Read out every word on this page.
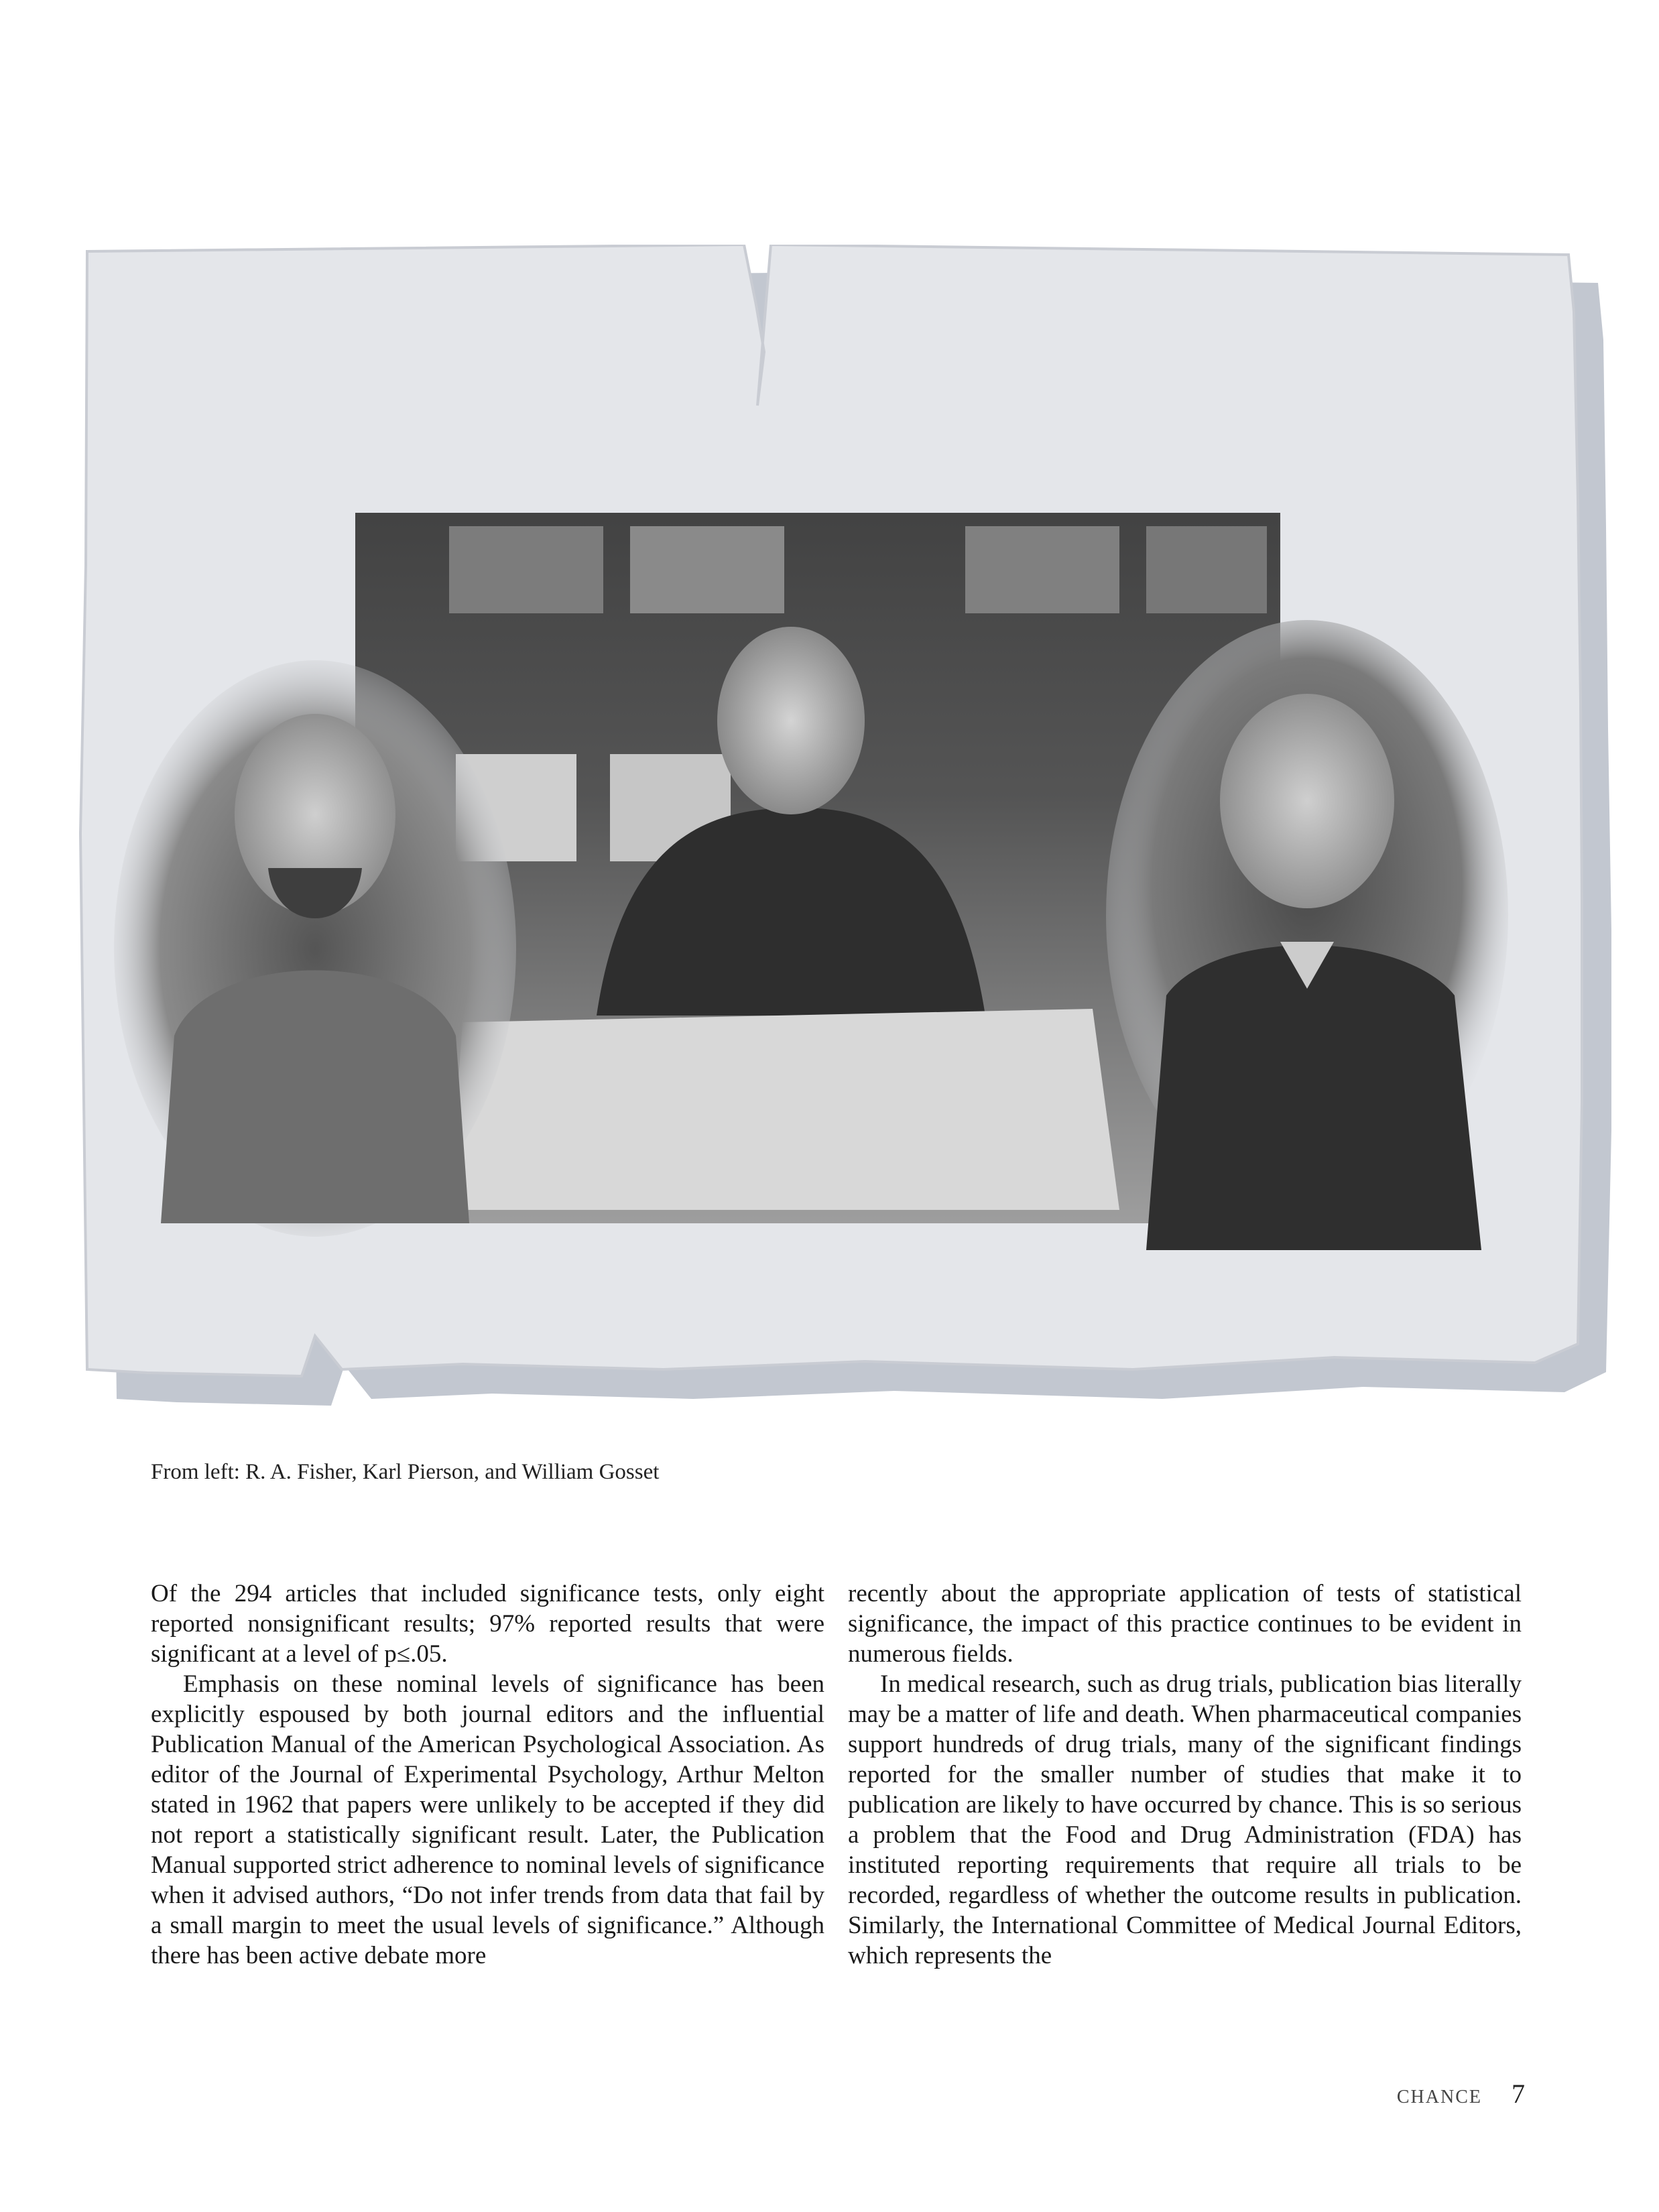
From left: R. A. Fisher, Karl Pierson, and William Gosset

Of the 294 articles that included significance tests, only eight reported nonsignificant results; 97% reported results that were significant at a level of p≤.05.

Emphasis on these nominal levels of significance has been explicitly espoused by both journal editors and the influential Publication Manual of the American Psychological Association. As editor of the Journal of Experimental Psychology, Arthur Melton stated in 1962 that papers were unlikely to be accepted if they did not report a statistically significant result. Later, the Publication Manual supported strict adherence to nominal levels of significance when it advised authors, “Do not infer trends from data that fail by a small margin to meet the usual levels of significance.” Although there has been active debate more

recently about the appropriate application of tests of statistical significance, the impact of this practice continues to be evident in numerous fields.

In medical research, such as drug trials, publication bias literally may be a matter of life and death. When pharmaceutical companies support hundreds of drug trials, many of the significant findings reported for the smaller number of studies that make it to publication are likely to have occurred by chance. This is so serious a problem that the Food and Drug Administration (FDA) has instituted reporting requirements that require all trials to be recorded, regardless of whether the outcome results in publication. Similarly, the International Committee of Medical Journal Editors, which represents the

CHANCE 7
